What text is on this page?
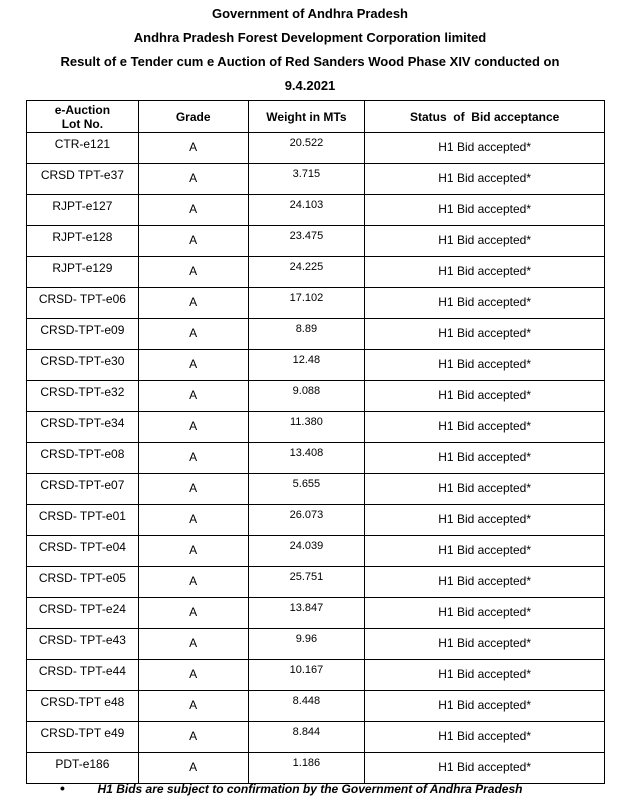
Government of Andhra Pradesh
Andhra Pradesh Forest Development Corporation limited
Result of e Tender cum e Auction of Red Sanders Wood Phase XIV conducted on
9.4.2021
e-Auction
Lot No.	Grade	Weight in MTs	Status  of  Bid acceptance

CTR-e121	A	20.522	H1 Bid accepted*

CRSD TPT-e37	A	3.715	H1 Bid accepted*

RJPT-e127	A	24.103	H1 Bid accepted*

RJPT-e128	A	23.475	H1 Bid accepted*

RJPT-e129	A	24.225	H1 Bid accepted*

CRSD- TPT-e06	A	17.102	H1 Bid accepted*

CRSD-TPT-e09	A	8.89	H1 Bid accepted*

CRSD-TPT-e30	A	12.48	H1 Bid accepted*

CRSD-TPT-e32	A	9.088	H1 Bid accepted*

CRSD-TPT-e34	A	11.380	H1 Bid accepted*

CRSD-TPT-e08	A	13.408	H1 Bid accepted*

CRSD-TPT-e07	A	5.655	H1 Bid accepted*

CRSD- TPT-e01	A	26.073	H1 Bid accepted*

CRSD- TPT-e04	A	24.039	H1 Bid accepted*

CRSD- TPT-e05	A	25.751	H1 Bid accepted*

CRSD- TPT-e24	A	13.847	H1 Bid accepted*

CRSD- TPT-e43	A	9.96	H1 Bid accepted*

CRSD- TPT-e44	A	10.167	H1 Bid accepted*

CRSD-TPT e48	A	8.448	H1 Bid accepted*

CRSD-TPT e49	A	8.844	H1 Bid accepted*

PDT-e186	A	1.186	H1 Bid accepted*
•	H1 Bids are subject to confirmation by the Government of Andhra Pradesh
